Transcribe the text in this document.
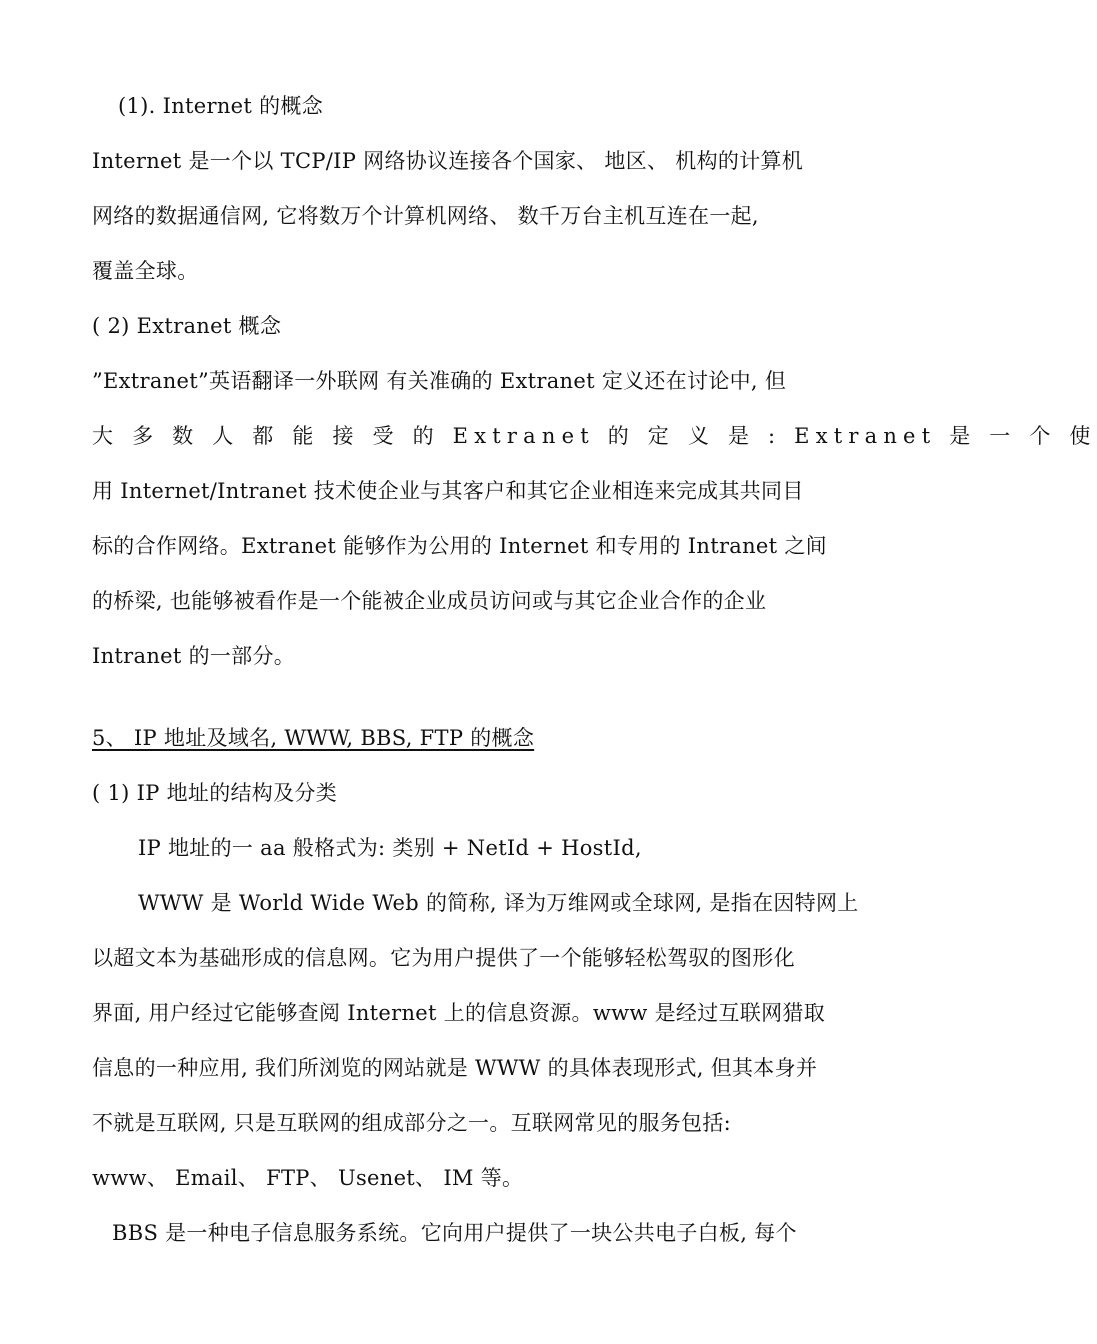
(1). Internet 的概念
Internet 是一个以 TCP/IP 网络协议连接各个国家、 地区、 机构的计算机
网络的数据通信网, 它将数万个计算机网络、 数千万台主机互连在一起,
覆盖全球。
( 2) Extranet 概念
”Extranet”英语翻译一外联网 有关准确的 Extranet 定义还在讨论中, 但
大 多 数 人 都 能 接 受 的 Extranet 的 定 义 是 : Extranet 是 一 个 使
用 Internet/Intranet 技术使企业与其客户和其它企业相连来完成其共同目
标的合作网络。Extranet 能够作为公用的 Internet 和专用的 Intranet 之间
的桥梁, 也能够被看作是一个能被企业成员访问或与其它企业合作的企业
Intranet 的一部分。
5、 IP 地址及域名, WWW, BBS, FTP 的概念
( 1) IP 地址的结构及分类
IP 地址的一 aa 般格式为: 类别 + NetId + HostId,
WWW 是 World Wide Web 的简称, 译为万维网或全球网, 是指在因特网上
以超文本为基础形成的信息网。它为用户提供了一个能够轻松驾驭的图形化
界面, 用户经过它能够查阅 Internet 上的信息资源。www 是经过互联网猎取
信息的一种应用, 我们所浏览的网站就是 WWW 的具体表现形式, 但其本身并
不就是互联网, 只是互联网的组成部分之一。互联网常见的服务包括:
www、 Email、 FTP、 Usenet、 IM 等。
BBS 是一种电子信息服务系统。它向用户提供了一块公共电子白板, 每个
